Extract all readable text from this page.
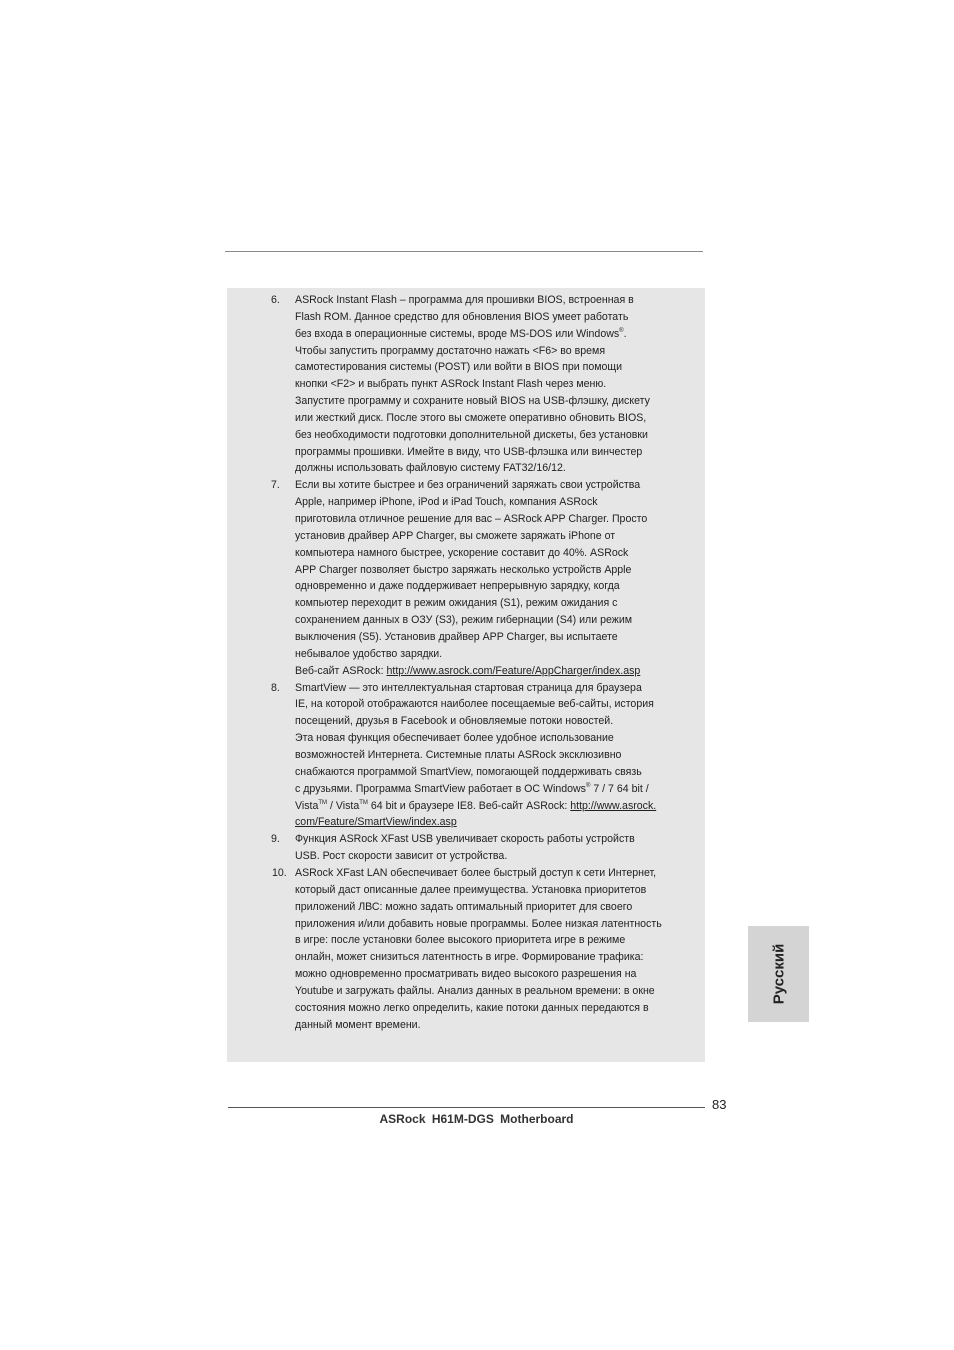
6. ASRock Instant Flash – программа для прошивки BIOS, встроенная в
Flash ROM. Данное средство для обновления BIOS умеет работать
без входа в операционные системы, вроде MS-DOS или Windows®.
Чтобы запустить программу достаточно нажать <F6> во время
самотестирования системы (POST) или войти в BIOS при помощи
кнопки <F2> и выбрать пункт ASRock Instant Flash через меню.
Запустите программу и сохраните новый BIOS на USB-флэшку, дискету
или жесткий диск. После этого вы сможете оперативно обновить BIOS,
без необходимости подготовки дополнительной дискеты, без установки
программы прошивки. Имейте в виду, что USB-флэшка или винчестер
должны использовать файловую систему FAT32/16/12.
7. Если вы хотите быстрее и без ограничений заряжать свои устройства
Apple, например iPhone, iPod и iPad Touch, компания ASRock
приготовила отличное решение для вас – ASRock APP Charger. Просто
установив драйвер APP Charger, вы сможете заряжать iPhone от
компьютера намного быстрее, ускорение составит до 40%. ASRock
APP Charger позволяет быстро заряжать несколько устройств Apple
одновременно и даже поддерживает непрерывную зарядку, когда
компьютер переходит в режим ожидания (S1), режим ожидания с
сохранением данных в ОЗУ (S3), режим гибернации (S4) или режим
выключения (S5). Установив драйвер APP Charger, вы испытаете
небывалое удобство зарядки.
Веб-сайт ASRock: http://www.asrock.com/Feature/AppCharger/index.asp
8. SmartView — это интеллектуальная стартовая страница для браузера
IE, на которой отображаются наиболее посещаемые веб-сайты, история
посещений, друзья в Facebook и обновляемые потоки новостей.
Эта новая функция обеспечивает более удобное использование
возможностей Интернета. Системные платы ASRock эксклюзивно
снабжаются программой SmartView, помогающей поддерживать связь
с друзьями. Программа SmartView работает в ОС Windows® 7 / 7 64 bit /
Vista™ / Vista™ 64 bit и браузере IE8. Веб-сайт ASRock: http://www.asrock.
com/Feature/SmartView/index.asp
9. Функция ASRock XFast USB увеличивает скорость работы устройств
USB. Рост скорости зависит от устройства.
10. ASRock XFast LAN обеспечивает более быстрый доступ к сети Интернет,
который даст описанные далее преимущества. Установка приоритетов
приложений ЛВС: можно задать оптимальный приоритет для своего
приложения и/или добавить новые программы. Более низкая латентность
в игре: после установки более высокого приоритета игре в режиме
онлайн, может снизиться латентность в игре. Формирование трафика:
можно одновременно просматривать видео высокого разрешения на
Youtube и загружать файлы. Анализ данных в реальном времени: в окне
состояния можно легко определить, какие потоки данных передаются в
данный момент времени.
Русский
83
ASRock H61M-DGS Motherboard
